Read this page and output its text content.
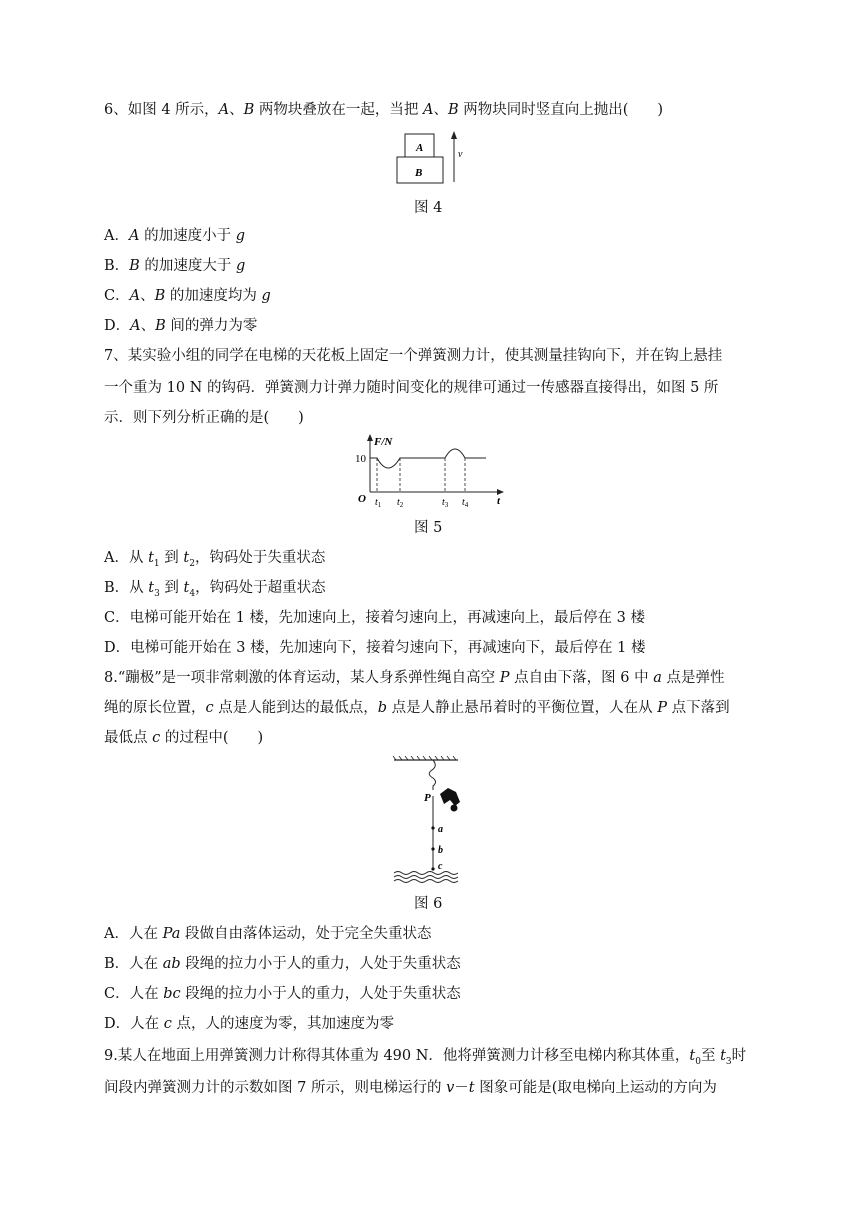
6、如图 4 所示，A、B 两物块叠放在一起，当把 A、B 两物块同时竖直向上抛出(　　)
A
B
v
图 4
A．A 的加速度小于 g
B．B 的加速度大于 g
C．A、B 的加速度均为 g
D．A、B 间的弹力为零
7、某实验小组的同学在电梯的天花板上固定一个弹簧测力计，使其测量挂钩向下，并在钩上悬挂
一个重为 10 N 的钩码．弹簧测力计弹力随时间变化的规律可通过一传感器直接得出，如图 5 所
示．则下列分析正确的是(　　)
F/N
10
O $t_1$ $t_2$	$t_3$ $t_4$	t
图 5
A．从 $t_1$ 到 $t_2$，钩码处于失重状态
B．从 $t_3$ 到 $t_4$，钩码处于超重状态
C．电梯可能开始在 1 楼，先加速向上，接着匀速向上，再减速向上，最后停在 3 楼
D．电梯可能开始在 3 楼，先加速向下，接着匀速向下，再减速向下，最后停在 1 楼
8.“蹦极”是一项非常刺激的体育运动，某人身系弹性绳自高空 P 点自由下落，图 6 中 a 点是弹性
绳的原长位置，c 点是人能到达的最低点，b 点是人静止悬吊着时的平衡位置，人在从 P 点下落到
最低点 c 的过程中(　　)
P
a
b
c
图 6
A．人在 Pa 段做自由落体运动，处于完全失重状态
B．人在 ab 段绳的拉力小于人的重力，人处于失重状态
C．人在 bc 段绳的拉力小于人的重力，人处于失重状态
D．人在 c 点，人的速度为零，其加速度为零
9.某人在地面上用弹簧测力计称得其体重为 490 N．他将弹簧测力计移至电梯内称其体重，$t_0$至 $t_3$时
间段内弹簧测力计的示数如图 7 所示，则电梯运行的 v－t 图象可能是(取电梯向上运动的方向为
